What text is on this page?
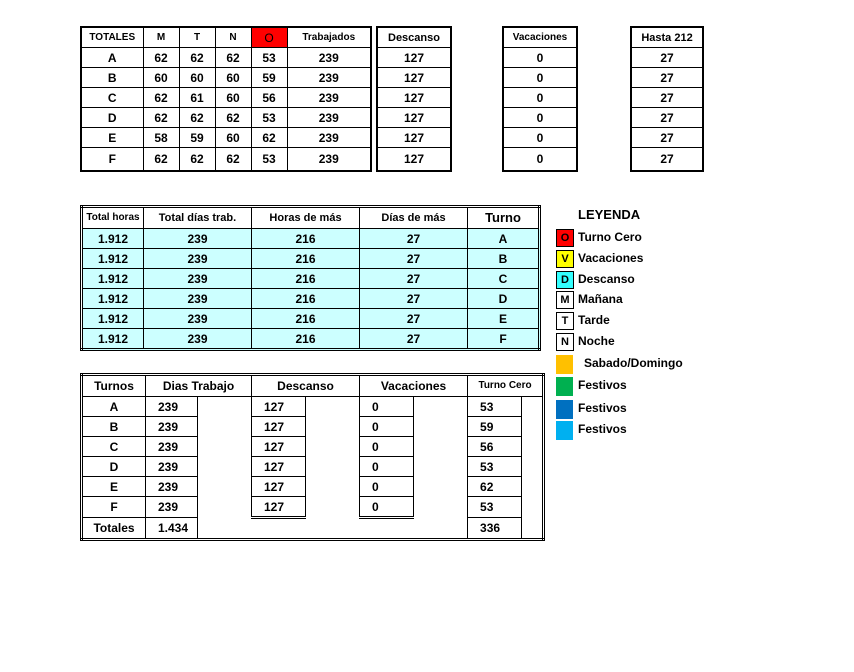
TOTALES	M	T	N	O	Trabajados
A	62	62	62	53	239
B	60	60	60	59	239
C	62	61	60	56	239
D	62	62	62	53	239
E	58	59	60	62	239
F	62	62	62	53	239
Descanso
127
127
127
127
127
127
Vacaciones
0
0
0
0
0
0
Hasta 212
27
27
27
27
27
27
Total horas	Total días trab.	Horas de más	Días de más	Turno
1.912	239	216	27	A
1.912	239	216	27	B
1.912	239	216	27	C
1.912	239	216	27	D
1.912	239	216	27	E
1.912	239	216	27	F
Turnos	Dias Trabajo		Descanso		Vacaciones		Turno Cero	
A	239		127		0		53	
B	239		127		0		59	
C	239		127		0		56	
D	239		127		0		53	
E	239		127		0		62	
F	239		127		0		53	
Totales	1.434						336	
LEYENDA
O Turno Cero
V Vacaciones
D Descanso
M Mañana
T Tarde
N Noche
Sabado/Domingo
Festivos
Festivos
Festivos
